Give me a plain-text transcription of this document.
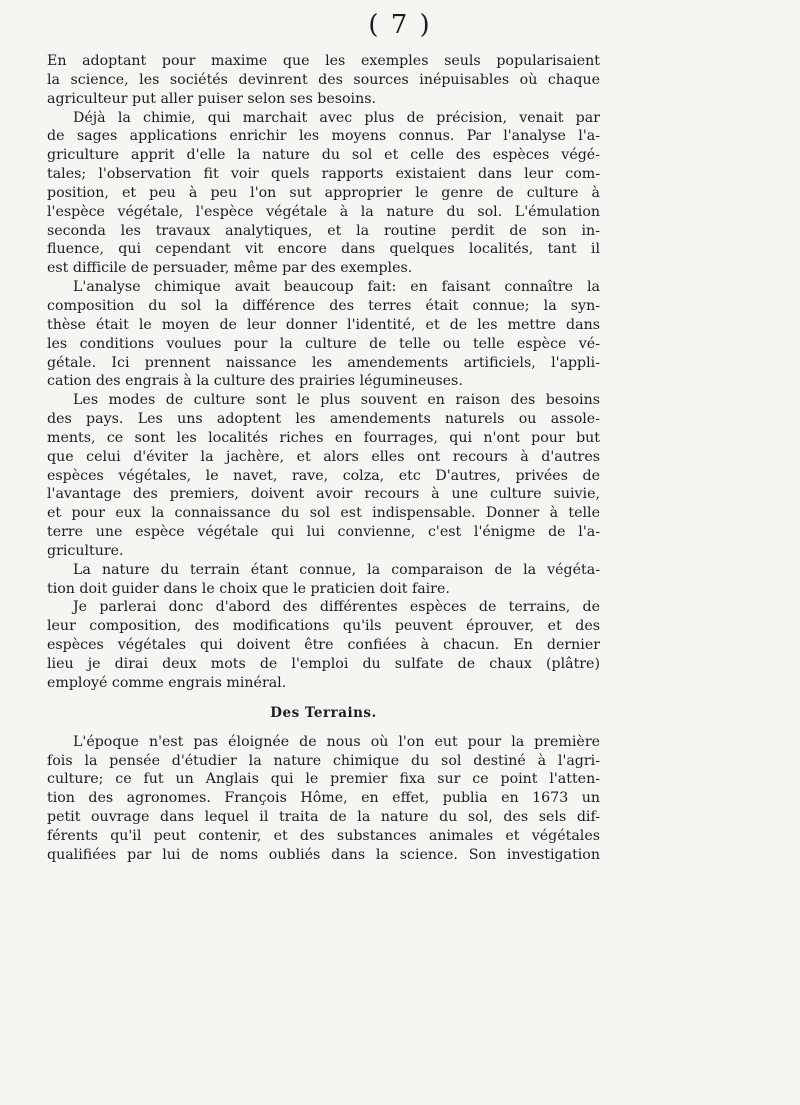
( 7 )
En adoptant pour maxime que les exemples seuls popularisaient
la science, les sociétés devinrent des sources inépuisables où chaque
agriculteur put aller puiser selon ses besoins.
Déjà la chimie, qui marchait avec plus de précision, venait par
de sages applications enrichir les moyens connus. Par l'analyse l'a-
griculture apprit d'elle la nature du sol et celle des espèces végé-
tales; l'observation fit voir quels rapports existaient dans leur com-
position, et peu à peu l'on sut approprier le genre de culture à
l'espèce végétale, l'espèce végétale à la nature du sol. L'émulation
seconda les travaux analytiques, et la routine perdit de son in-
fluence, qui cependant vit encore dans quelques localités, tant il
est difficile de persuader, même par des exemples.
L'analyse chimique avait beaucoup fait: en faisant connaître la
composition du sol la différence des terres était connue; la syn-
thèse était le moyen de leur donner l'identité, et de les mettre dans
les conditions voulues pour la culture de telle ou telle espèce vé-
gétale. Ici prennent naissance les amendements artificiels, l'appli-
cation des engrais à la culture des prairies légumineuses.
Les modes de culture sont le plus souvent en raison des besoins
des pays. Les uns adoptent les amendements naturels ou assole-
ments, ce sont les localités riches en fourrages, qui n'ont pour but
que celui d'éviter la jachère, et alors elles ont recours à d'autres
espèces végétales, le navet, rave, colza, etc D'autres, privées de
l'avantage des premiers, doivent avoir recours à une culture suivie,
et pour eux la connaissance du sol est indispensable. Donner à telle
terre une espèce végétale qui lui convienne, c'est l'énigme de l'a-
griculture.
La nature du terrain étant connue, la comparaison de la végéta-
tion doit guider dans le choix que le praticien doit faire.
Je parlerai donc d'abord des différentes espèces de terrains, de
leur composition, des modifications qu'ils peuvent éprouver, et des
espèces végétales qui doivent être confiées à chacun. En dernier
lieu je dirai deux mots de l'emploi du sulfate de chaux (plâtre)
employé comme engrais minéral.
Des Terrains.
L'époque n'est pas éloignée de nous où l'on eut pour la première
fois la pensée d'étudier la nature chimique du sol destiné à l'agri-
culture; ce fut un Anglais qui le premier fixa sur ce point l'atten-
tion des agronomes. François Hôme, en effet, publia en 1673 un
petit ouvrage dans lequel il traita de la nature du sol, des sels dif-
férents qu'il peut contenir, et des substances animales et végétales
qualifiées par lui de noms oubliés dans la science. Son investigation
